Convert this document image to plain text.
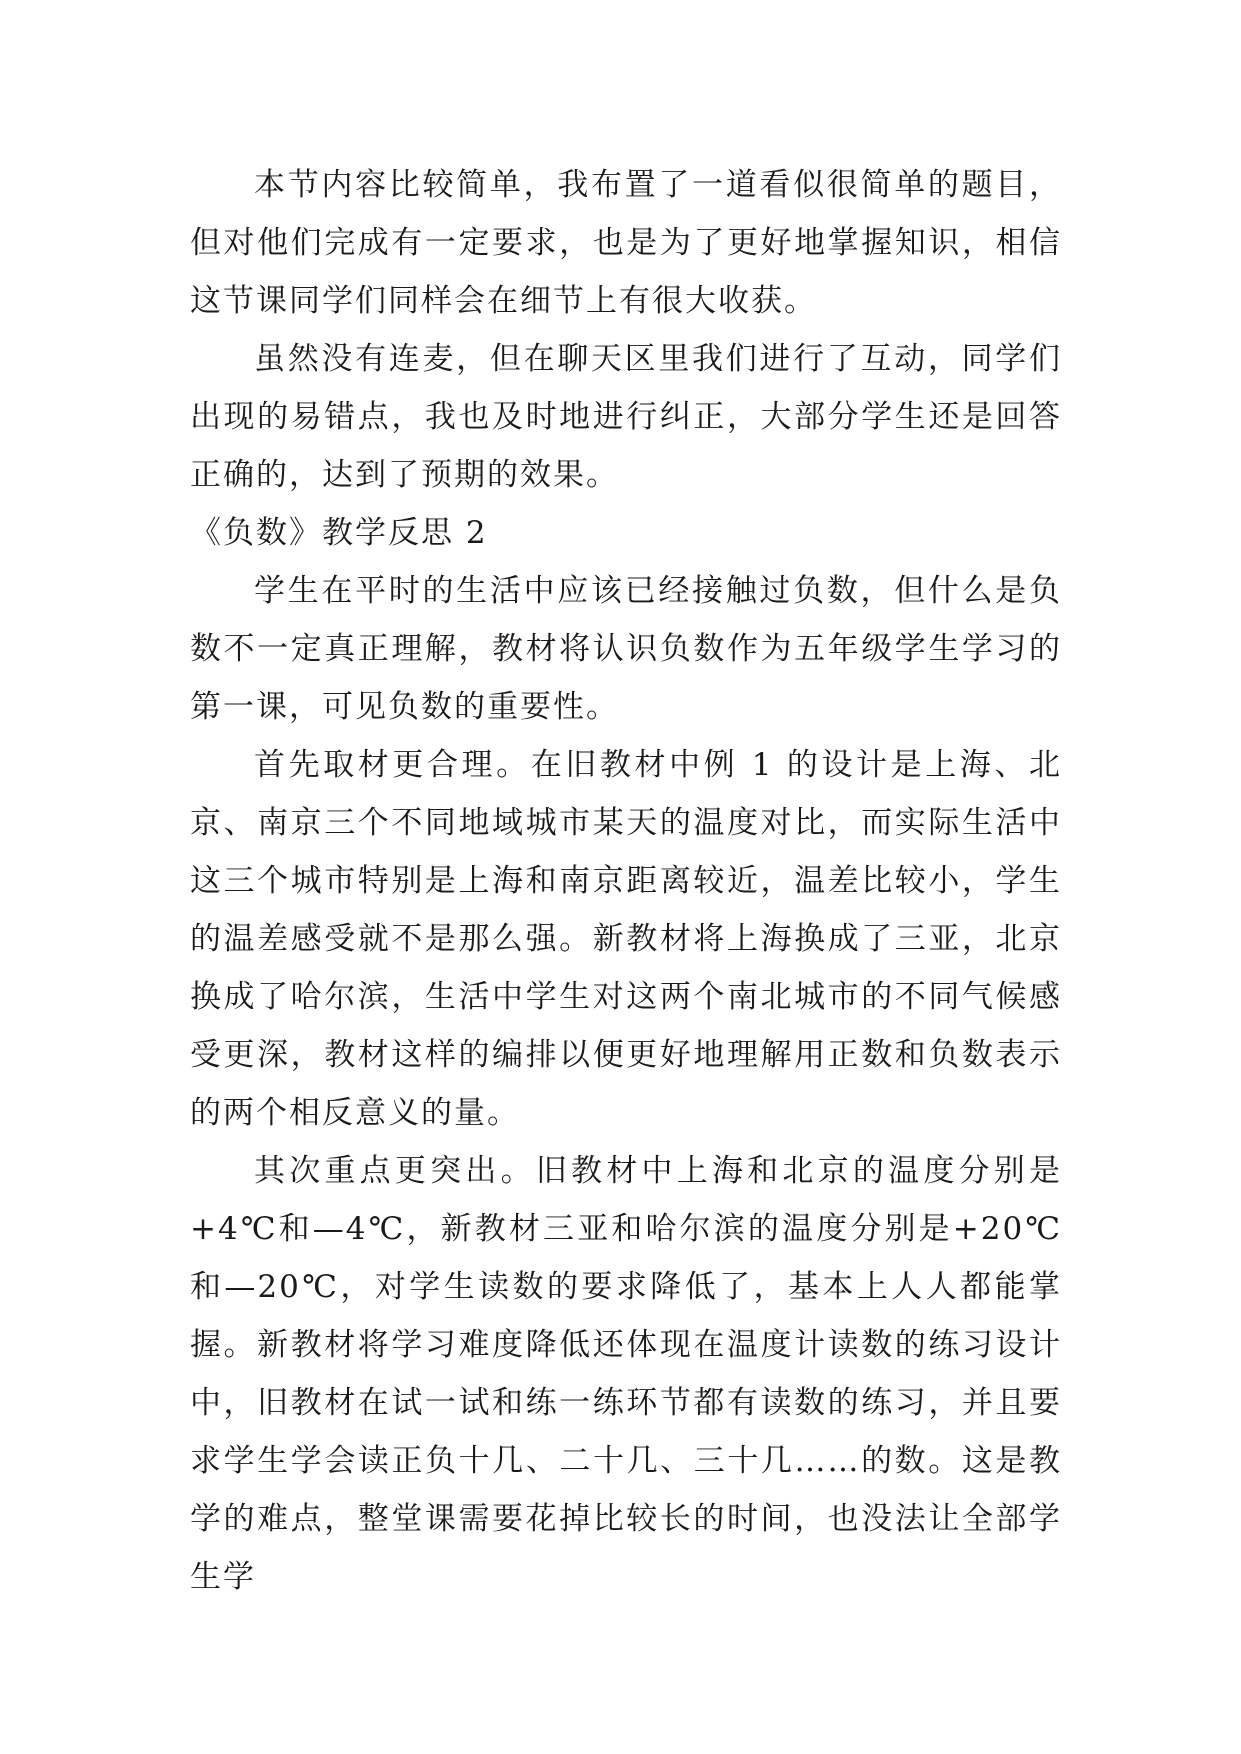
本节内容比较简单，我布置了一道看似很简单的题目，但对他们完成有一定要求，也是为了更好地掌握知识，相信这节课同学们同样会在细节上有很大收获。

虽然没有连麦，但在聊天区里我们进行了互动，同学们出现的易错点，我也及时地进行纠正，大部分学生还是回答正确的，达到了预期的效果。

《负数》教学反思 2

学生在平时的生活中应该已经接触过负数，但什么是负数不一定真正理解，教材将认识负数作为五年级学生学习的第一课，可见负数的重要性。

首先取材更合理。在旧教材中例 1 的设计是上海、北京、南京三个不同地域城市某天的温度对比，而实际生活中这三个城市特别是上海和南京距离较近，温差比较小，学生的温差感受就不是那么强。新教材将上海换成了三亚，北京换成了哈尔滨，生活中学生对这两个南北城市的不同气候感受更深，教材这样的编排以便更好地理解用正数和负数表示的两个相反意义的量。

其次重点更突出。旧教材中上海和北京的温度分别是+4℃和—4℃，新教材三亚和哈尔滨的温度分别是+20℃和—20℃，对学生读数的要求降低了，基本上人人都能掌握。新教材将学习难度降低还体现在温度计读数的练习设计中，旧教材在试一试和练一练环节都有读数的练习，并且要求学生学会读正负十几、二十几、三十几……的数。这是教学的难点，整堂课需要花掉比较长的时间，也没法让全部学生学
